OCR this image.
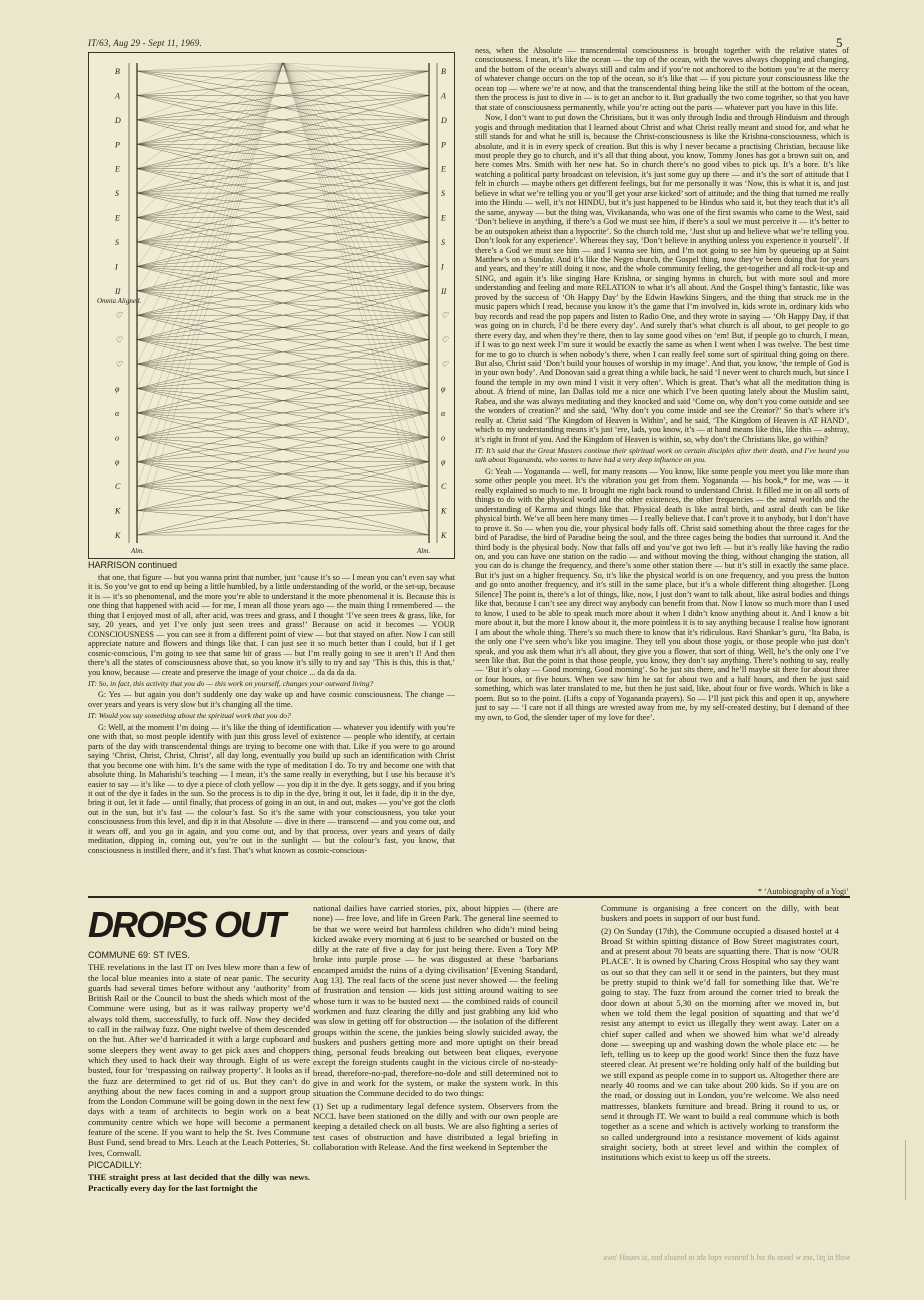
IT/63, Aug 29 - Sept 11, 1969.	5
B
A
D
P
E
S
E
S
I
II
♡
♡
♡
φ
α
ο
φ
C
K
K
B
A
D
P
E
S
E
S
I
II
♡
♡
♡
φ
α
ο
φ
C
K
K
Omnia Aligned.
Alm.	Alm.
HARRISON continued

that one, that figure — but you wanna print that number, just ‘cause it’s so — I mean you can’t even say what it is. So you’ve got to end up being a little humbled, by a little understanding of the world, or the set-up, because it is — it’s so phenomenal, and the more you’re able to understand it the more phenomenal it is. Because this is one thing that happened with acid — for me, I mean all those years ago — the main thing I remembered — the thing that I enjoyed most of all, after acid, was trees and grass, and I thought ‘I’ve seen trees & grass, like, for say, 20 years, and yet I’ve only just seen trees and grass!’ Because on acid it becomes — YOUR CONSCIOUSNESS — you can see it from a different point of view — but that stayed on after. Now I can still appreciate nature and flowers and things like that. I can just see it so much better than I could, but if I get cosmic-conscious, I’m going to see that same bit of grass — but I’m really going to see it aren’t I! And then there’s all the states of consciousness above that, so you know it’s silly to try and say ‘This is this, this is that,’ you know, because — create and preserve the image of your choice ... da da da da.

IT: So, in fact, this activity that you do — this work on yourself, changes your outward living?

G: Yes — but again you don’t suddenly one day wake up and have cosmic consciousness. The change — over years and years is very slow but it’s changing all the time.

IT: Would you say something about the spiritual work that you do?

G: Well, at the moment I’m doing — it’s like the thing of identification — whatever you identify with you’re one with that, so most people identify with just this gross level of existence — people who identify, at certain parts of the day with transcendental things are trying to become one with that. Like if you were to go around saying ‘Christ, Christ, Christ, Christ’, all day long, eventually you build up such an identification with Christ that you become one with him. It’s the same with the type of meditation I do. To try and become one with that absolute thing. In Maharishi’s teaching — I mean, it’s the same really in everything, but I use his because it’s easier to say — it’s like — to dye a piece of cloth yellow — you dip it in the dye. It gets soggy, and if you bring it out of the dye it fades in the sun. So the process is to dip in the dye, bring it out, let it fade, dip it in the dye, bring it out, let it fade — until finally, that process of going in an out, in and out, makes — you’ve got the cloth out in the sun, but it’s fast — the colour’s fast. So it’s the same with your consciousness, you take your consciousness from this level, and dip it in that Absolute — dive in there — transcend — and you come out, and it wears off, and you go in again, and you come out, and by that process, over years and years of daily meditation, dipping in, coming out, you’re out in the sunlight — but the colour’s fast, you know, that consciousness is instilled there, and it’s fast. That’s what known as cosmic-conscious-

ness, when the Absolute — transcendental consciousness is brought together with the relative states of consciousness. I mean, it’s like the ocean — the top of the ocean, with the waves always chopping and changing, and the bottom of the ocean’s always still and calm and if you’re not anchored to the bottom you’re at the mercy of whatever change occurs on the top of the ocean, so it’s like that — if you picture your consciousness like the ocean top — where we’re at now, and that the transcendental thing being like the still at the bottom of the ocean, then the process is just to dive in — is to get an anchor to it. But gradually the two come together, so that you have that state of consciousness permanently, while you’re acting out the parts — whatever part you have in this life.

Now, I don’t want to put down the Christians, but it was only through India and through Hinduism and through yogis and through meditation that I learned about Christ and what Christ really meant and stood for, and what he still stands for and what he still is, because the Christ-consciousness is like the Krishna-consciousness, which is absolute, and it is in every speck of creation. But this is why I never became a practising Christian, because like most people they go to church, and it’s all that thing about, you know, Tommy Jones has got a brown suit on, and here comes Mrs. Smith with her new hat. So in church there’s no good vibes to pick up. It’s a bore. It’s like watching a political party broadcast on television, it’s just some guy up there — and it’s the sort of attitude that I felt in church — maybe others get different feelings, but for me personally it was ‘Now, this is what it is, and just believe in what we’re telling you or you’ll get your arse kicked’ sort of attitude; and the thing that turned me really into the Hindu — well, it’s not HINDU, but it’s just happened to be Hindus who said it, but they teach that it’s all the same, anyway — but the thing was, Vivikananda, who was one of the first swamis who came to the West, said ‘Don’t believe in anything, if there’s a God we must see him, if there’s a soul we must perceive it — it’s better to be an outspoken atheist than a hypocrite’. So the church told me, ‘Just shut up and believe what we’re telling you. Don’t look for any experience’. Whereas they say, ‘Don’t believe in anything unless you experience it yourself’. If there’s a God we must see him — and I wanna see him, and I’m not going to see him by queueing up at Saint Matthew’s on a Sunday. And it’s like the Negro church, the Gospel thing, now they’ve been doing that for years and years, and they’re still doing it now, and the whole community feeling, the get-together and all rock-it-up and SING, and again it’s like singing Hare Krishna, or singing hymns in church, but with more soul and more understanding and feeling and more RELATION to what it’s all about. And the Gospel thing’s fantastic, like was proved by the success of ‘Oh Happy Day’ by the Edwin Hawkins Singers, and the thing that struck me in the music papers which I read, because you know it’s the game that I’m involved in, kids wrote in, ordinary kids who buy records and read the pop papers and listen to Radio One, and they wrote in saying — ‘Oh Happy Day, if that was going on in church, I’d be there every day’. And surely that’s what church is all about, to get people to go there every day, and when they’re there, then to lay some good vibes on ‘em! But, if people go to church, I mean, if I was to go next week I’m sure it would be exactly the same as when I went when I was twelve. The best time for me to go to church is when nobody’s there, when I can really feel some sort of spiritual thing going on there. But also, Christ said ‘Don’t build your houses of worship in my image’. And that, you know, ‘the temple of God is in your own body’. And Donovan said a great thing a while back, he said ‘I never went to church much, but since I found the temple in my own mind I visit it very often’. Which is great. That’s what all the meditation thing is about. A friend of mine, Ian Dallas told me a nice one which I’ve been quoting lately about the Muslim saint, Rabea, and she was always meditating and they knocked and said ‘Come on, why don’t you come outside and see the wonders of creation?’ and she said, ‘Why don’t you come inside and see the Creator?’ So that’s where it’s really at. Christ said ‘The Kingdom of Heaven is Within’, and he said, ‘The Kingdom of Heaven is AT HAND’, which to my understanding means it’s just ‘ere, lads, you know, it’s — at hand means like this, like this — ashtray, it’s right in front of you. And the Kingdom of Heaven is within, so, why don’t the Christians like, go within?

IT: It’s said that the Great Masters continue their spiritual work on certain disciples after their death, and I’ve heard you talk about Yogananda, who seems to have had a very deep influence on you.

G: Yeah — Yogananda — well, for many reasons — You know, like some people you meet you like more than some other people you meet. It’s the vibration you get from them. Yogananda — his book,* for me, was — it really explained so much to me. It brought me right back round to understand Christ. It filled me in on all sorts of things to do with the physical world and the other existences, the other frequencies — the astral worlds and the understanding of Karma and things like that. Physical death is like astral birth, and astral death can be like physical birth. We’ve all been here many times — I really believe that. I can’t prove it to anybody, but I don’t have to prove it. So — when you die, your physical body falls off. Christ said something about the three cages for the bird of Paradise, the bird of Paradise being the soul, and the three cages being the bodies that surround it. And the third body is the physical body. Now that falls off and you’ve got two left — but it’s really like having the radio on, and you can have one station on the radio — and without moving the thing, without changing the station, all you can do is change the frequency, and there’s some other station there — but it’s still in exactly the same place. But it’s just on a higher frequency. So, it’s like the physical world is on one frequency, and you press the button and go onto another frequency, and it’s still in the same place, but it’s a whole different thing altogether. [Long Silence] The point is, there’s a lot of things, like, now, I just don’t want to talk about, like astral bodies and things like that, because I can’t see any direct way anybody can benefit from that. Now I know so much more than I used to know, I used to be able to speak much more about it when I didn’t know anything about it. And I know a bit more about it, but the more I know about it, the more pointless it is to say anything because I realise how ignorant I am about the whole thing. There’s so much there to know that it’s ridiculous. Ravi Shankar’s guru, ‘Ita Baba, is the only one I’ve seen who’s like you imagine. They tell you about those yogis, or those people who just don’t speak, and you ask them what it’s all about, they give you a flower, that sort of thing. Well, he’s the only one I’ve seen like that. But the point is that those people, you know, they don’t say anything. There’s nothing to say, really — ‘But it’s okay — Good morning, Good morning’. So he just sits there, and he’ll maybe sit there for about three or four hours, or five hours. When we saw him he sat for about two and a half hours, and then he just said something, which was later translated to me, but then he just said, like, about four or five words. Which is like a poem. But so to the point. (Lifts a copy of Yogananda prayers). So — I’ll just pick this and open it up, anywhere just to say — ‘I care not if all things are wrested away from me, by my self-created destiny, but I demand of thee my own, to God, the slender taper of my love for thee’.

* ‘Autobiography of a Yogi’
DROPS OUT

COMMUNE 69: ST IVES.

THE revelations in the last IT on Ives blew more than a few of the local blue meanies into a state of near panic. The security guards had several times before without any ‘authority’ from British Rail or the Council to bust the sheds which most of the Commune were using, but as it was railway property we’d always told them, successfully, to fuck off. Now they decided to call in the railway fuzz. One night twelve of them descended on the hut. After we’d barricaded it with a large cupboard and some sleepers they went away to get pick axes and choppers which they used to hack their way through. Eight of us were busted, four for ‘trespassing on railway property’. It looks as if the fuzz are determined to get rid of us. But they can’t do anything about the new faces coming in and a support group from the London Commune will be going down in the next few days with a team of architects to begin work on a beat community centre which we hope will become a permanent feature of the scene. If you want to help the St. Ives Commune Bust Fund, send bread to Mrs. Leach at the Leach Potteries, St. Ives, Cornwall.

PICCADILLY:

THE straight press at last decided that the dilly was news. Practically every day for the last fortnight the

national dailies have carried stories, pix, about hippies — (there are none) — free love, and life in Green Park. The general line seemed to be that we were weird but harmless children who didn’t mind being kicked awake every morning at 6 just to be searched or busted on the dilly at the rate of five a day for just being there. Even a Tory MP broke into purple prose — he was disgusted at these ‘barbarians encamped amidst the ruins of a dying civilisation’ [Evening Standard, Aug 13]. The real facts of the scene just never showed — the feeling of frustration and tension — kids just sitting around waiting to see whose turn it was to be busted next — the combined raids of council workmen and fuzz clearing the dilly and just grabbing any kid who was slow in getting off for obstruction — the isolation of the different groups within the scene, the junkies being slowly suicided away, the buskers and pushers getting more and more uptight on their bread thing, personal feuds breaking out between beat cliques, everyone except the foreign students caught in the vicious circle of no-steady-bread, therefore-no-pad, therefore-no-dole and still determined not to give in and work for the system, or make the system work. In this situation the Commune decided to do two things:

(1) Set up a rudimentary legal defence system. Observers from the NCCL have been stationed on the dilly and with our own people are keeping a detailed check on all busts. We are also fighting a series of test cases of obstruction and have distributed a legal briefing in collaboration with Release. And the first weekend in September the

Commune is organising a free concert on the dilly, with beat buskers and poets in support of our bust fund.

(2) On Sunday (17th), the Commune occupied a disused hostel at 4 Broad St within spitting distance of Bow Street magistrates court, and at present about 70 beats are squatting there. That is now ‘OUR PLACE’. It is owned by Charing Cross Hospital who say they want us out so that they can sell it or send in the painters, but they must be pretty stupid to think we’d fall for something like that. We’re going to stay. The fuzz from around the corner tried to break the door down at about 5,30 on the morning after we moved in, but when we told them the legal position of squatting and that we’d resist any attempt to evict us illegally they went away. Later on a chief super called and when we showed him what we’d already done — sweeping up and washing down the whole place etc — he left, telling us to keep up the good work! Since then the fuzz have steered clear. At present we’re holding only half of the building but we still expand as people come in to support us. Altogether there are nearly 40 rooms and we can take about 200 kids. So if you are on the road, or dossing out in London, you’re welcome. We also need mattresses, blankets furniture and bread. Bring it round to us, or send it through IT. We want to build a real commune which is both together as a scene and which is actively working to transform the so called underground into a resistance movement of kids against straight society, both at street level and within the complex of institutions which exist to keep us off the streets.

wolf ni ptl ,ses w bnon alt sel d betnesv eqol sht ot betsols bns ,si esuoH 'swa
